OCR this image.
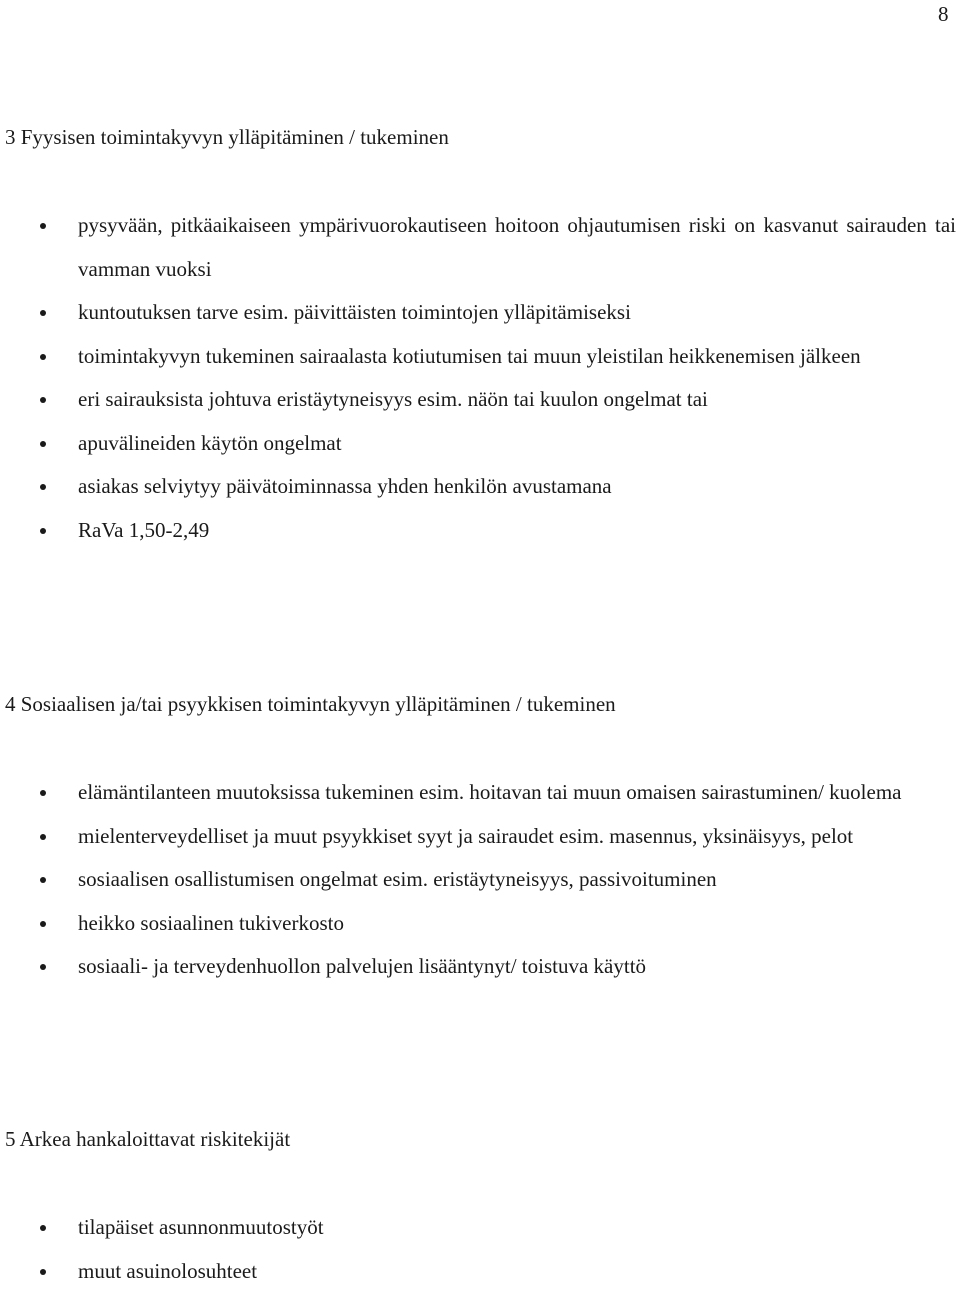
8
3 Fyysisen toimintakyvyn ylläpitäminen / tukeminen
pysyvään, pitkäaikaiseen ympärivuorokautiseen hoitoon ohjautumisen riski on kasvanut sairauden tai vamman vuoksi
kuntoutuksen tarve esim. päivittäisten toimintojen ylläpitämiseksi
toimintakyvyn tukeminen sairaalasta kotiutumisen tai muun yleistilan heikkenemisen jälkeen
eri sairauksista johtuva eristäytyneisyys esim. näön tai kuulon ongelmat tai
apuvälineiden käytön ongelmat
asiakas selviytyy päivätoiminnassa yhden henkilön avustamana
RaVa 1,50-2,49
4 Sosiaalisen ja/tai psyykkisen toimintakyvyn ylläpitäminen / tukeminen
elämäntilanteen muutoksissa tukeminen esim. hoitavan tai muun omaisen sairastuminen/ kuolema
mielenterveydelliset ja muut psyykkiset syyt ja sairaudet esim. masennus, yksinäisyys, pelot
sosiaalisen osallistumisen ongelmat esim. eristäytyneisyys, passivoituminen
heikko sosiaalinen tukiverkosto
sosiaali- ja terveydenhuollon palvelujen lisääntynyt/ toistuva käyttö
5 Arkea hankaloittavat riskitekijät
tilapäiset asunnonmuutostyöt
muut asuinolosuhteet
